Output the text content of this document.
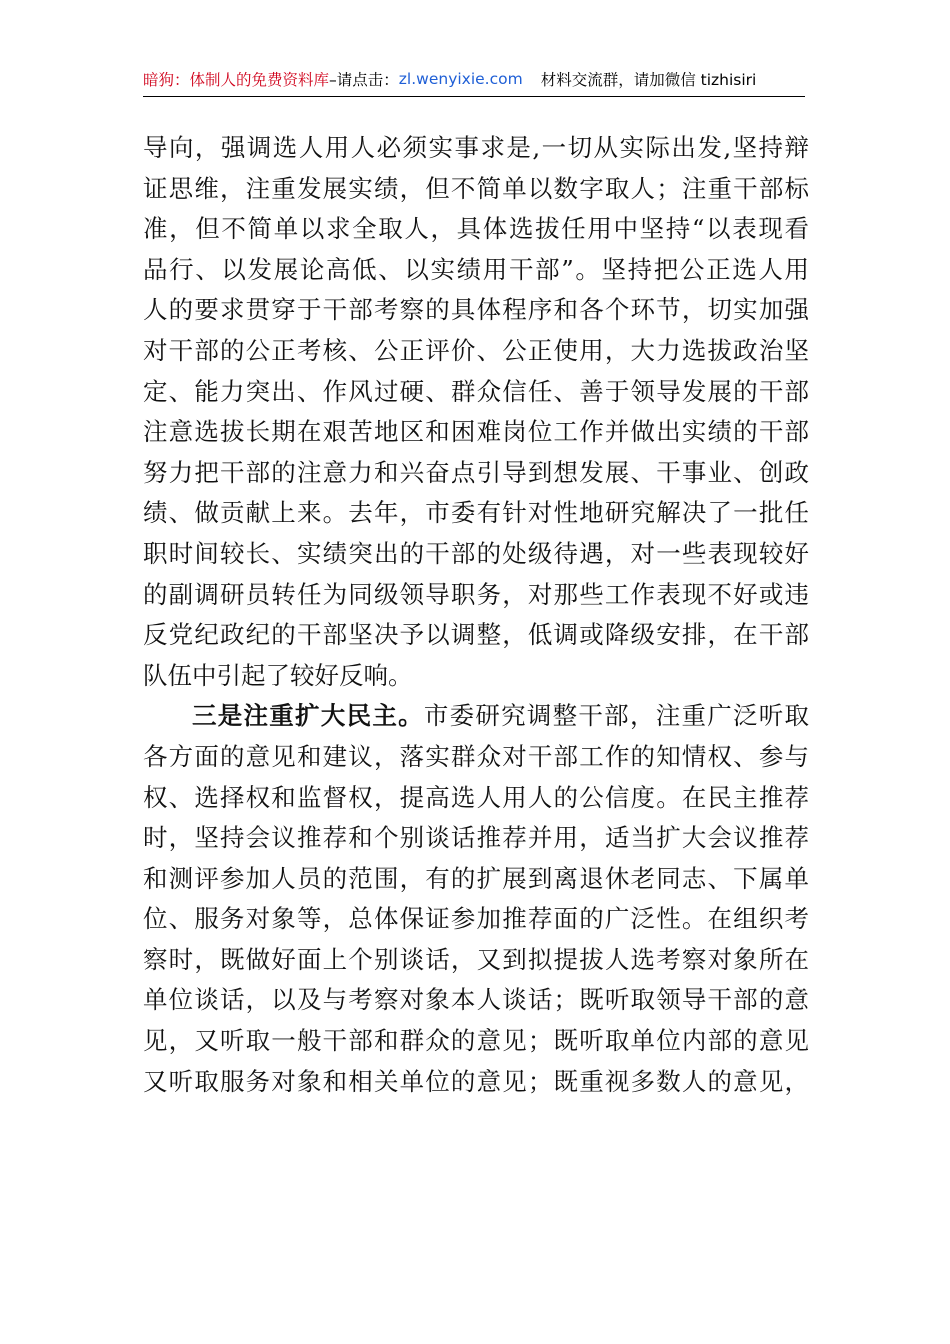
暗狗：体制人的免费资料库 –请点击： zl.wenyixie.com 材料交流群，请加微信 tizhisiri
导向，强调选人用人必须实事求是,一切从实际出发,坚持辩
证思维，注重发展实绩，但不简单以数字取人；注重干部标
准，但不简单以求全取人，具体选拔任用中坚持“以表现看
品行、以发展论高低、以实绩用干部”。坚持把公正选人用
人的要求贯穿于干部考察的具体程序和各个环节，切实加强
对干部的公正考核、公正评价、公正使用，大力选拔政治坚
定、能力突出、作风过硬、群众信任、善于领导发展的干部
注意选拔长期在艰苦地区和困难岗位工作并做出实绩的干部
努力把干部的注意力和兴奋点引导到想发展、干事业、创政
绩、做贡献上来。去年，市委有针对性地研究解决了一批任
职时间较长、实绩突出的干部的处级待遇，对一些表现较好
的副调研员转任为同级领导职务，对那些工作表现不好或违
反党纪政纪的干部坚决予以调整，低调或降级安排，在干部
队伍中引起了较好反响。
三是注重扩大民主。市委研究调整干部，注重广泛听取
各方面的意见和建议，落实群众对干部工作的知情权、参与
权、选择权和监督权，提高选人用人的公信度。在民主推荐
时，坚持会议推荐和个别谈话推荐并用，适当扩大会议推荐
和测评参加人员的范围，有的扩展到离退休老同志、下属单
位、服务对象等，总体保证参加推荐面的广泛性。在组织考
察时，既做好面上个别谈话，又到拟提拔人选考察对象所在
单位谈话，以及与考察对象本人谈话；既听取领导干部的意
见，又听取一般干部和群众的意见；既听取单位内部的意见
又听取服务对象和相关单位的意见；既重视多数人的意见，
